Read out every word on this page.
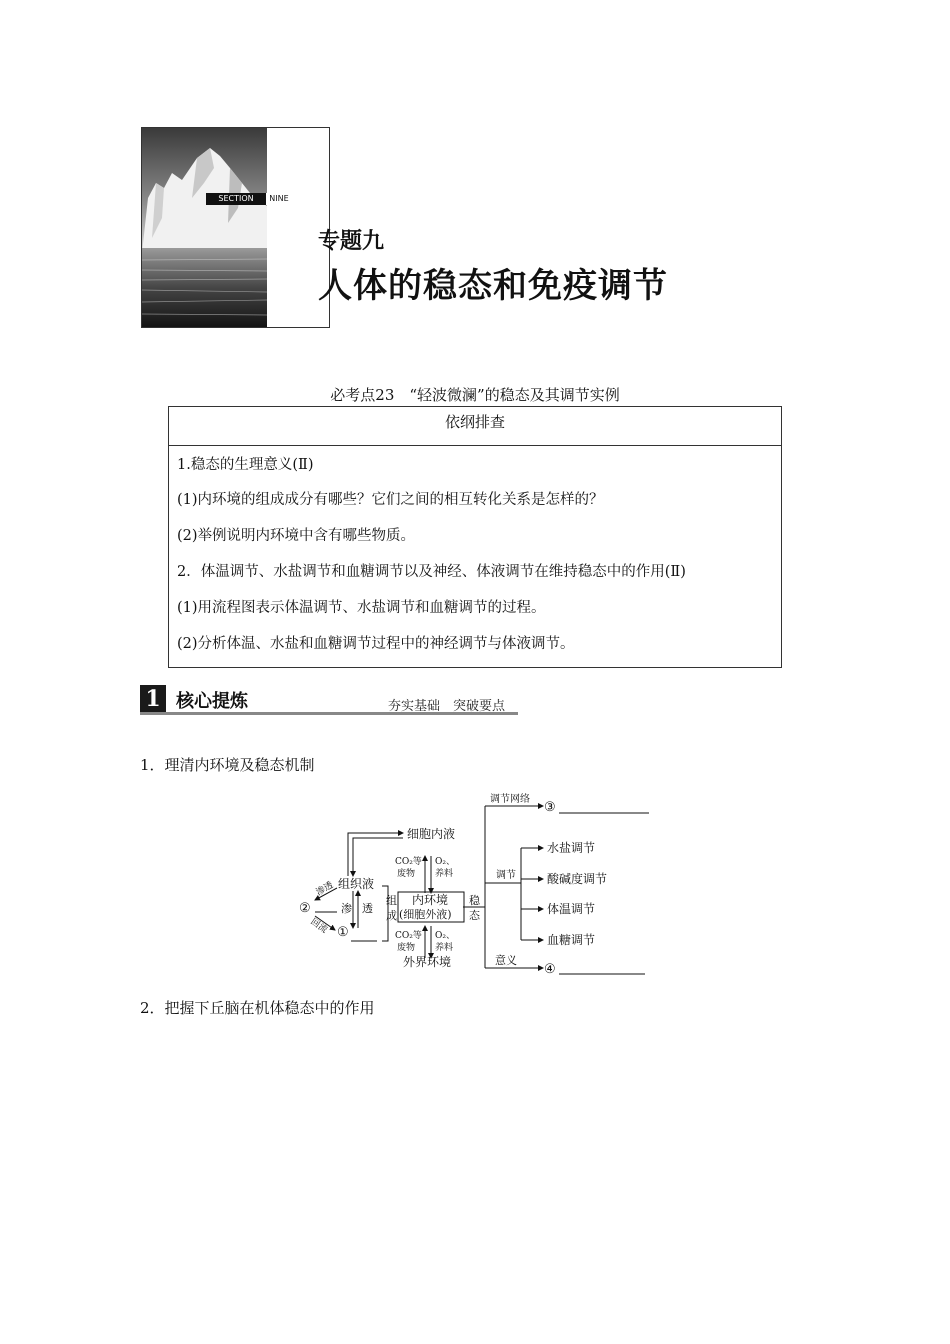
SECTION	NINE
专题九
人体的稳态和免疫调节
必考点23　“轻波微澜”的稳态及其调节实例
依纲排查
1.稳态的生理意义(Ⅱ)
(1)内环境的组成成分有哪些？它们之间的相互转化关系是怎样的？
(2)举例说明内环境中含有哪些物质。
2．体温调节、水盐调节和血糖调节以及神经、体液调节在维持稳态中的作用(Ⅱ)
(1)用流程图表示体温调节、水盐调节和血糖调节的过程。
(2)分析体温、水盐和血糖调节过程中的神经调节与体液调节。
1 核心提炼	夯实基础　突破要点
1．理清内环境及稳态机制
2．把握下丘脑在机体稳态中的作用
细胞内液
CO₂等
废物
O₂、
养料
组织液
渗透
渗 透
回流
②
①
组
成
内环境
(细胞外液)
稳
态
CO₂等
废物
O₂、
养料
外界环境
调节网络
③
调节
水盐调节
酸碱度调节
体温调节
血糖调节
意义
④
